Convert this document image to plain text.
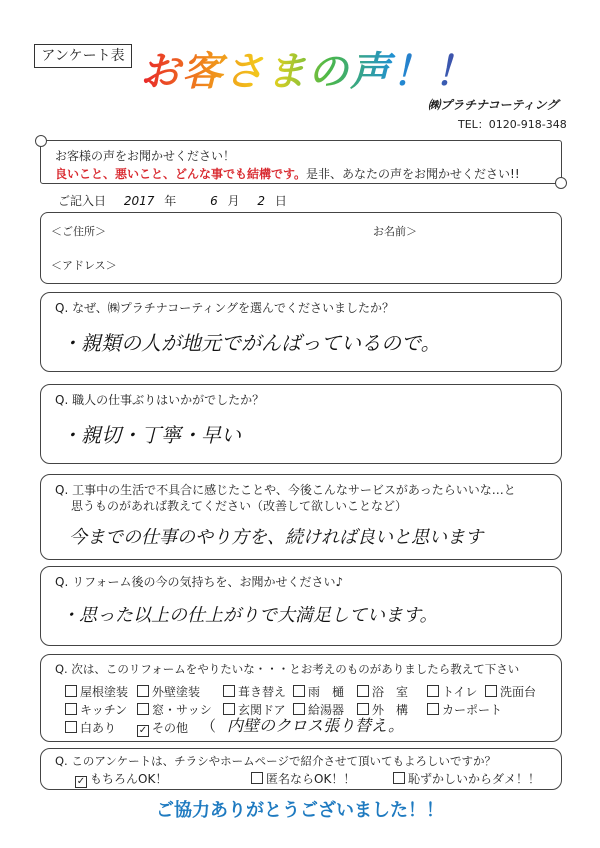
アンケート表 お客さまの声！！
㈱プラチナコーティング
TEL：0120-918-348
お客様の声をお聞かせください！
良いこと、悪いこと、どんな事でも結構です。是非、あなたの声をお聞かせください!!
ご記入日 2017 年	6 月 2 日
＜ご住所＞	お名前＞
＜アドレス＞
Q. なぜ、㈱プラチナコーティングを選んでくださいましたか？
・親類の人が地元でがんばっているので。
Q. 職人の仕事ぶりはいかがでしたか？
・親切・丁寧・早い
Q. 工事中の生活で不具合に感じたことや、今後こんなサービスがあったらいいな…と
思うものがあれば教えてください（改善して欲しいことなど）
今までの仕事のやり方を、続ければ良いと思います
Q. リフォーム後の今の気持ちを、お聞かせください♪
・思った以上の仕上がりで大満足しています。
Q. 次は、このリフォームをやりたいな・・・とお考えのものがありましたら教えて下さい
屋根塗装	外壁塗装	葺き替え	雨　樋	浴　室	トイレ	洗面台
キッチン	窓・サッシ	玄関ドア	給湯器	外　構	カーポート
白あり
✓	その他 （ 内壁のクロス張り替え。
Q. このアンケートは、チラシやホームページで紹介させて頂いてもよろしいですか？
✓ もちろんOK！	匿名ならOK！！	恥ずかしいからダメ！！
ご協力ありがとうございました！！
